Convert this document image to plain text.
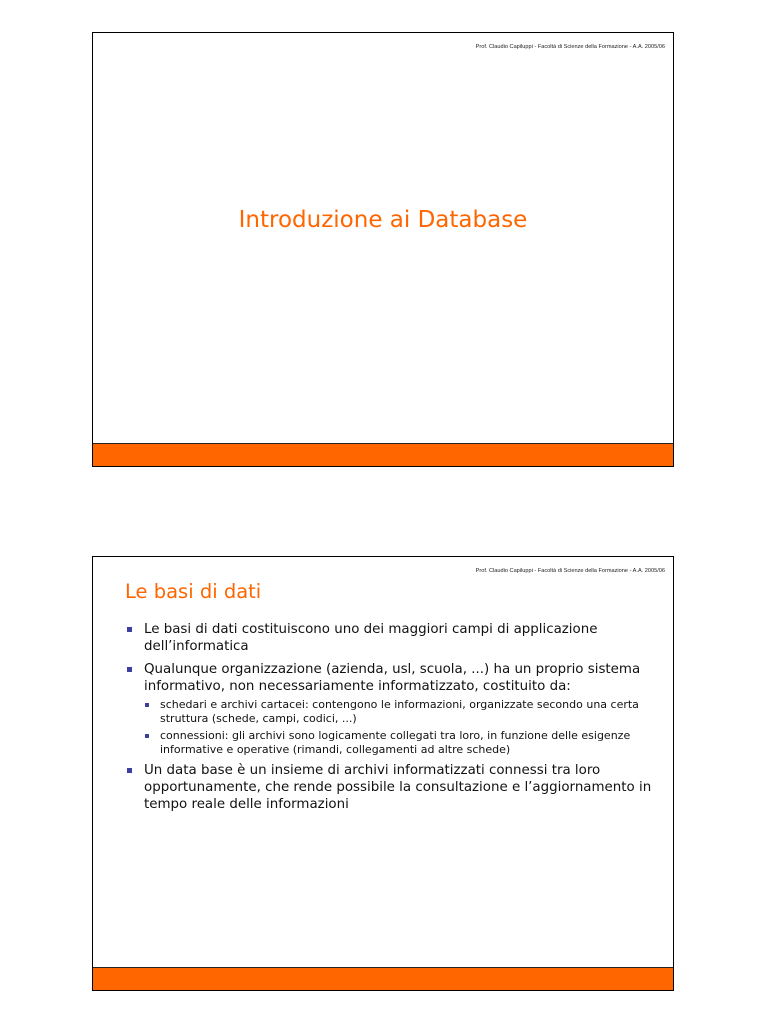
Prof. Claudio Capiluppi - Facoltà di Scienze della Formazione - A.A. 2005/06
Introduzione ai Database
Prof. Claudio Capiluppi - Facoltà di Scienze della Formazione - A.A. 2005/06
Le basi di dati
Le basi di dati costituiscono uno dei maggiori campi di applicazione dell’informatica
Qualunque organizzazione (azienda, usl, scuola, ...) ha un proprio sistema informativo, non necessariamente informatizzato, costituito da:
schedari e archivi cartacei: contengono le informazioni, organizzate secondo una certa struttura (schede, campi, codici, ...)
connessioni: gli archivi sono logicamente collegati tra loro, in funzione delle esigenze informative e operative (rimandi, collegamenti ad altre schede)
Un data base è un insieme di archivi informatizzati connessi tra loro opportunamente, che rende possibile la consultazione e l’aggiornamento in tempo reale delle informazioni
